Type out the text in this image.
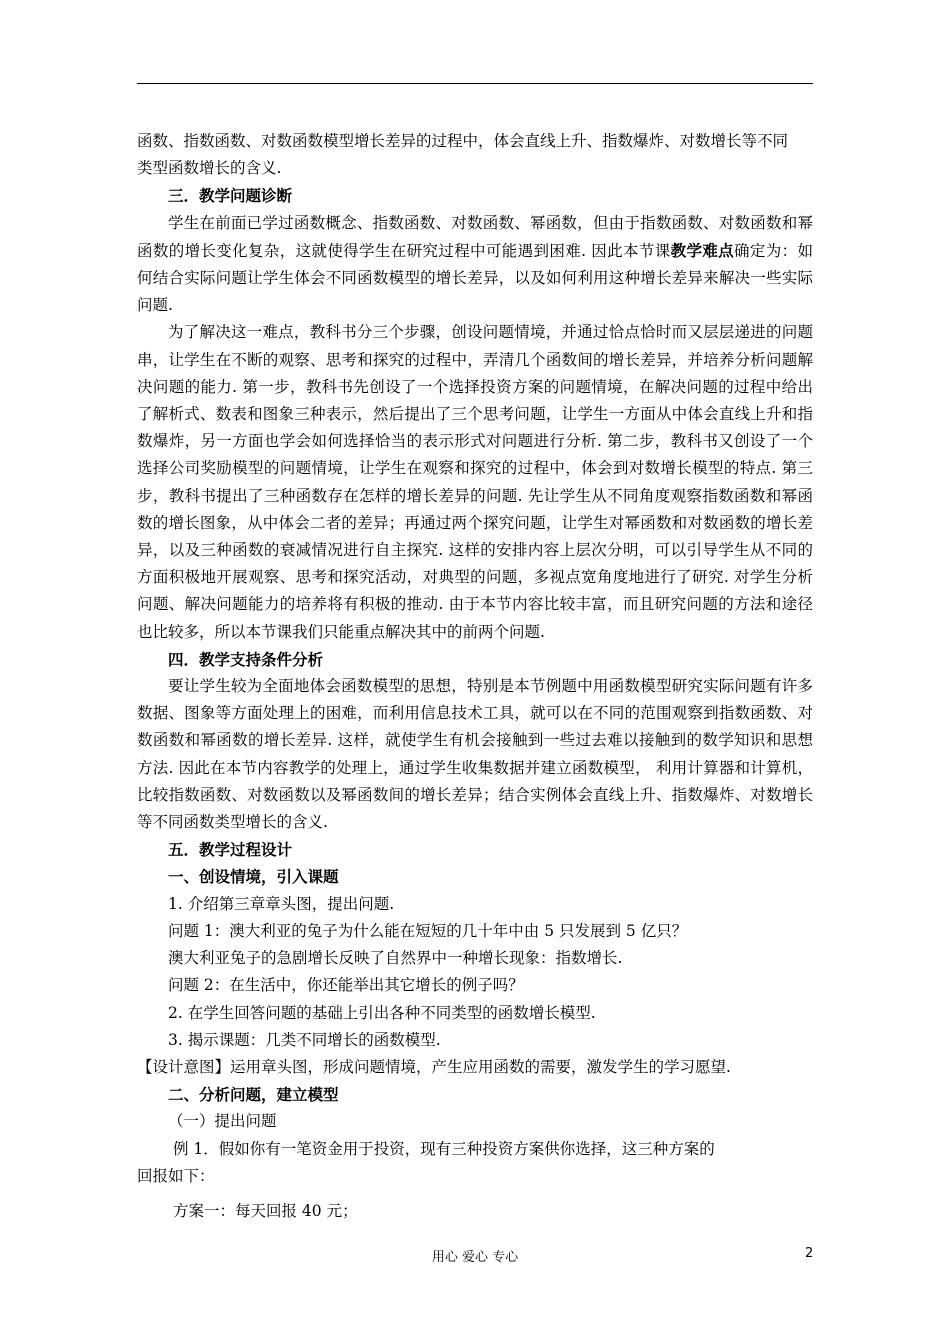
函数、指数函数、对数函数模型增长差异的过程中，体会直线上升、指数爆炸、对数增长等不同

类型函数增长的含义.

三．教学问题诊断

学生在前面已学过函数概念、指数函数、对数函数、幂函数，但由于指数函数、对数函数和幂函数的增长变化复杂，这就使得学生在研究过程中可能遇到困难. 因此本节课教学难点确定为：如何结合实际问题让学生体会不同函数模型的增长差异，以及如何利用这种增长差异来解决一些实际问题.

为了解决这一难点，教科书分三个步骤，创设问题情境，并通过恰点恰时而又层层递进的问题串，让学生在不断的观察、思考和探究的过程中，弄清几个函数间的增长差异，并培养分析问题解决问题的能力. 第一步，教科书先创设了一个选择投资方案的问题情境，在解决问题的过程中给出了解析式、数表和图象三种表示，然后提出了三个思考问题，让学生一方面从中体会直线上升和指数爆炸，另一方面也学会如何选择恰当的表示形式对问题进行分析. 第二步，教科书又创设了一个选择公司奖励模型的问题情境，让学生在观察和探究的过程中，体会到对数增长模型的特点. 第三步，教科书提出了三种函数存在怎样的增长差异的问题. 先让学生从不同角度观察指数函数和幂函数的增长图象，从中体会二者的差异；再通过两个探究问题，让学生对幂函数和对数函数的增长差异，以及三种函数的衰减情况进行自主探究. 这样的安排内容上层次分明，可以引导学生从不同的方面积极地开展观察、思考和探究活动，对典型的问题，多视点宽角度地进行了研究. 对学生分析问题、解决问题能力的培养将有积极的推动. 由于本节内容比较丰富，而且研究问题的方法和途径也比较多，所以本节课我们只能重点解决其中的前两个问题.

四．教学支持条件分析

要让学生较为全面地体会函数模型的思想，特别是本节例题中用函数模型研究实际问题有许多数据、图象等方面处理上的困难，而利用信息技术工具，就可以在不同的范围观察到指数函数、对数函数和幂函数的增长差异. 这样，就使学生有机会接触到一些过去难以接触到的数学知识和思想方法. 因此在本节内容教学的处理上，通过学生收集数据并建立函数模型， 利用计算器和计算机，比较指数函数、对数函数以及幂函数间的增长差异；结合实例体会直线上升、指数爆炸、对数增长等不同函数类型增长的含义.

五．教学过程设计

一、创设情境，引入课题

1. 介绍第三章章头图，提出问题.

问题 1：澳大利亚的兔子为什么能在短短的几十年中由 5 只发展到 5 亿只？

澳大利亚兔子的急剧增长反映了自然界中一种增长现象：指数增长.

问题 2：在生活中，你还能举出其它增长的例子吗？

2. 在学生回答问题的基础上引出各种不同类型的函数增长模型.

3. 揭示课题：几类不同增长的函数模型.

【设计意图】运用章头图，形成问题情境，产生应用函数的需要，激发学生的学习愿望.

二、分析问题，建立模型

（一）提出问题

例 1．假如你有一笔资金用于投资，现有三种投资方案供你选择，这三种方案的

回报如下：

方案一：每天回报 40 元；

用心 爱心 专心	2
